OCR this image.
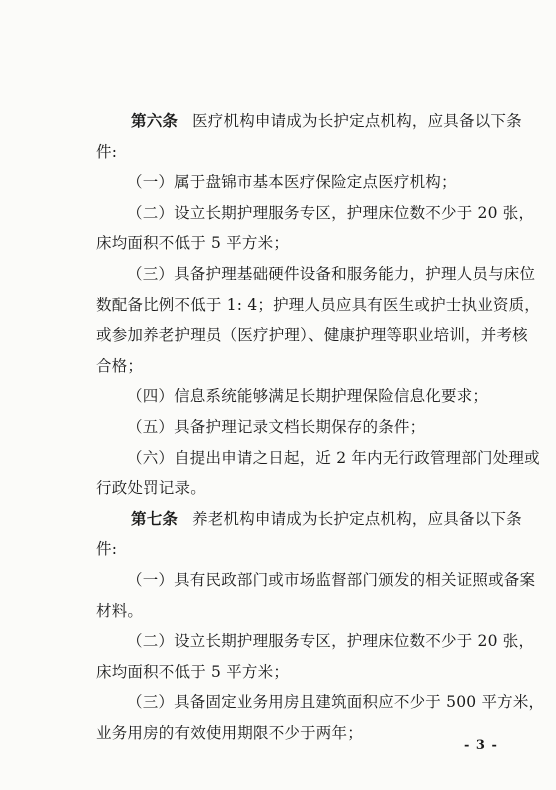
第六条 医疗机构申请成为长护定点机构，应具备以下条
件:
（一）属于盘锦市基本医疗保险定点医疗机构；
（二）设立长期护理服务专区，护理床位数不少于 20 张，
床均面积不低于 5 平方米；
（三）具备护理基础硬件设备和服务能力，护理人员与床位
数配备比例不低于 1: 4；护理人员应具有医生或护士执业资质，
或参加养老护理员（医疗护理）、健康护理等职业培训，并考核
合格；
（四）信息系统能够满足长期护理保险信息化要求；
（五）具备护理记录文档长期保存的条件；
（六）自提出申请之日起，近 2 年内无行政管理部门处理或
行政处罚记录。
第七条 养老机构申请成为长护定点机构，应具备以下条
件:
（一）具有民政部门或市场监督部门颁发的相关证照或备案
材料。
（二）设立长期护理服务专区，护理床位数不少于 20 张，
床均面积不低于 5 平方米；
（三）具备固定业务用房且建筑面积应不少于 500 平方米，
业务用房的有效使用期限不少于两年；
- 3 -
